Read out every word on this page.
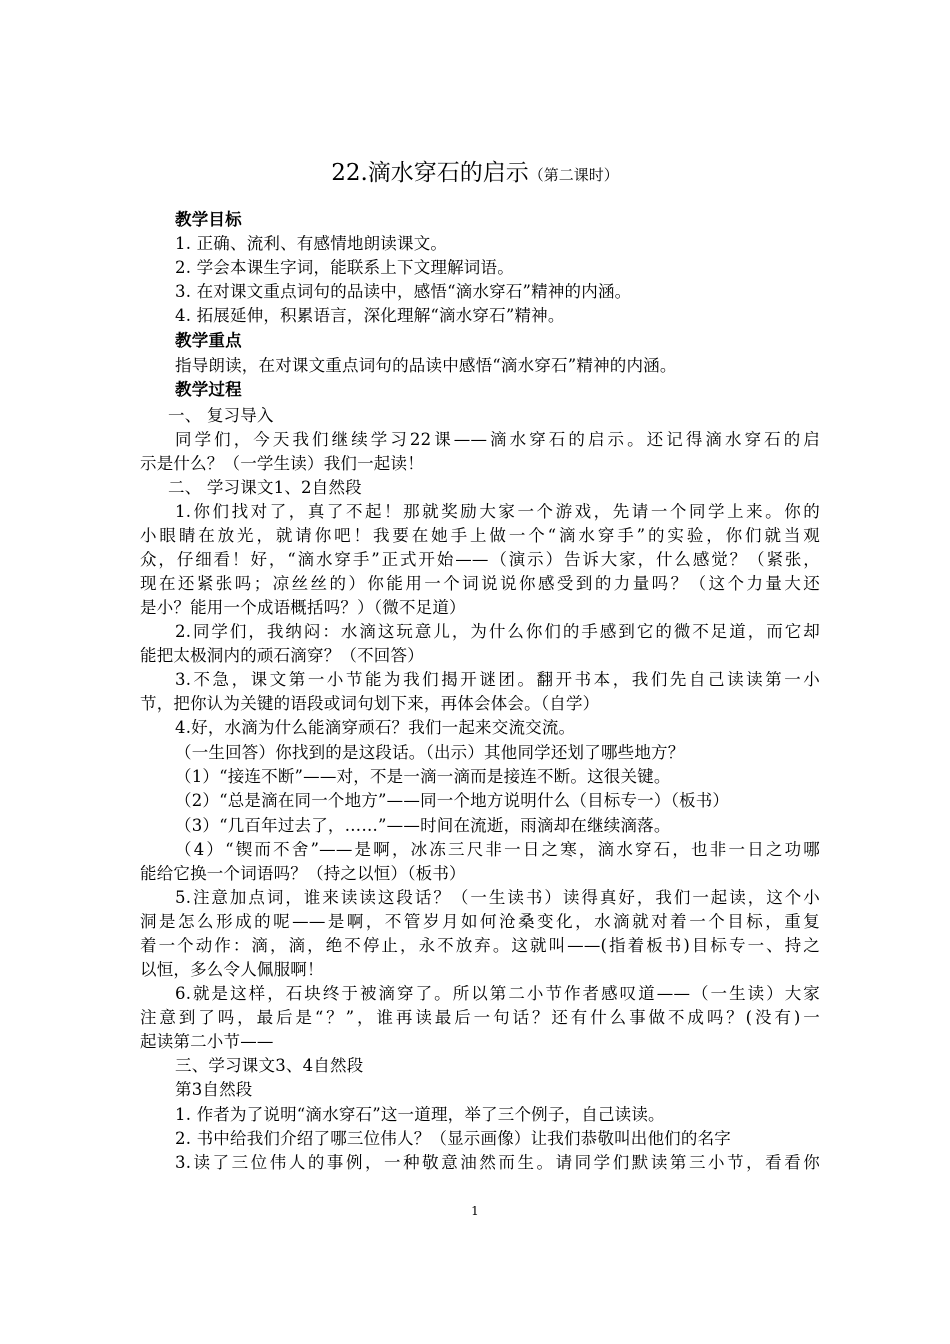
22.滴水穿石的启示（第二课时）
教学目标
1. 正确、流利、有感情地朗读课文。
2. 学会本课生字词，能联系上下文理解词语。
3. 在对课文重点词句的品读中，感悟“滴水穿石”精神的内涵。
4. 拓展延伸，积累语言，深化理解“滴水穿石”精神。
教学重点
指导朗读，在对课文重点词句的品读中感悟“滴水穿石”精神的内涵。
教学过程
一、 复习导入
同学们，今天我们继续学习22课——滴水穿石的启示。还记得滴水穿石的启
示是什么？（一学生读）我们一起读！
二、 学习课文1、2自然段
1.你们找对了，真了不起！那就奖励大家一个游戏，先请一个同学上来。你的
小眼睛在放光，就请你吧！我要在她手上做一个“滴水穿手”的实验，你们就当观
众，仔细看！好，“滴水穿手”正式开始——（演示）告诉大家，什么感觉？（紧张，
现在还紧张吗；凉丝丝的）你能用一个词说说你感受到的力量吗？（这个力量大还
是小？能用一个成语概括吗？）（微不足道）
2.同学们，我纳闷：水滴这玩意儿，为什么你们的手感到它的微不足道，而它却
能把太极洞内的顽石滴穿？（不回答）
3.不急，课文第一小节能为我们揭开谜团。翻开书本，我们先自己读读第一小
节，把你认为关键的语段或词句划下来，再体会体会。（自学）
4.好，水滴为什么能滴穿顽石？我们一起来交流交流。
（一生回答）你找到的是这段话。（出示）其他同学还划了哪些地方？
（1）“接连不断”——对，不是一滴一滴而是接连不断。这很关键。
（2）“总是滴在同一个地方”——同一个地方说明什么（目标专一）（板书）
（3）“几百年过去了，……”——时间在流逝，雨滴却在继续滴落。
（4）“锲而不舍”——是啊，冰冻三尺非一日之寒，滴水穿石，也非一日之功哪
能给它换一个词语吗？（持之以恒）（板书）
5.注意加点词，谁来读读这段话？（一生读书）读得真好，我们一起读，这个小
洞是怎么形成的呢——是啊，不管岁月如何沧桑变化，水滴就对着一个目标，重复
着一个动作：滴，滴，绝不停止，永不放弃。这就叫——(指着板书)目标专一、持之
以恒，多么令人佩服啊！
6.就是这样，石块终于被滴穿了。所以第二小节作者感叹道——（一生读）大家
注意到了吗，最后是“？”，谁再读最后一句话？还有什么事做不成吗？(没有)一
起读第二小节——
三、学习课文3、4自然段
第3自然段
1. 作者为了说明“滴水穿石”这一道理，举了三个例子，自己读读。
2. 书中给我们介绍了哪三位伟人？（显示画像）让我们恭敬叫出他们的名字
3.读了三位伟人的事例，一种敬意油然而生。请同学们默读第三小节，看看你
1
